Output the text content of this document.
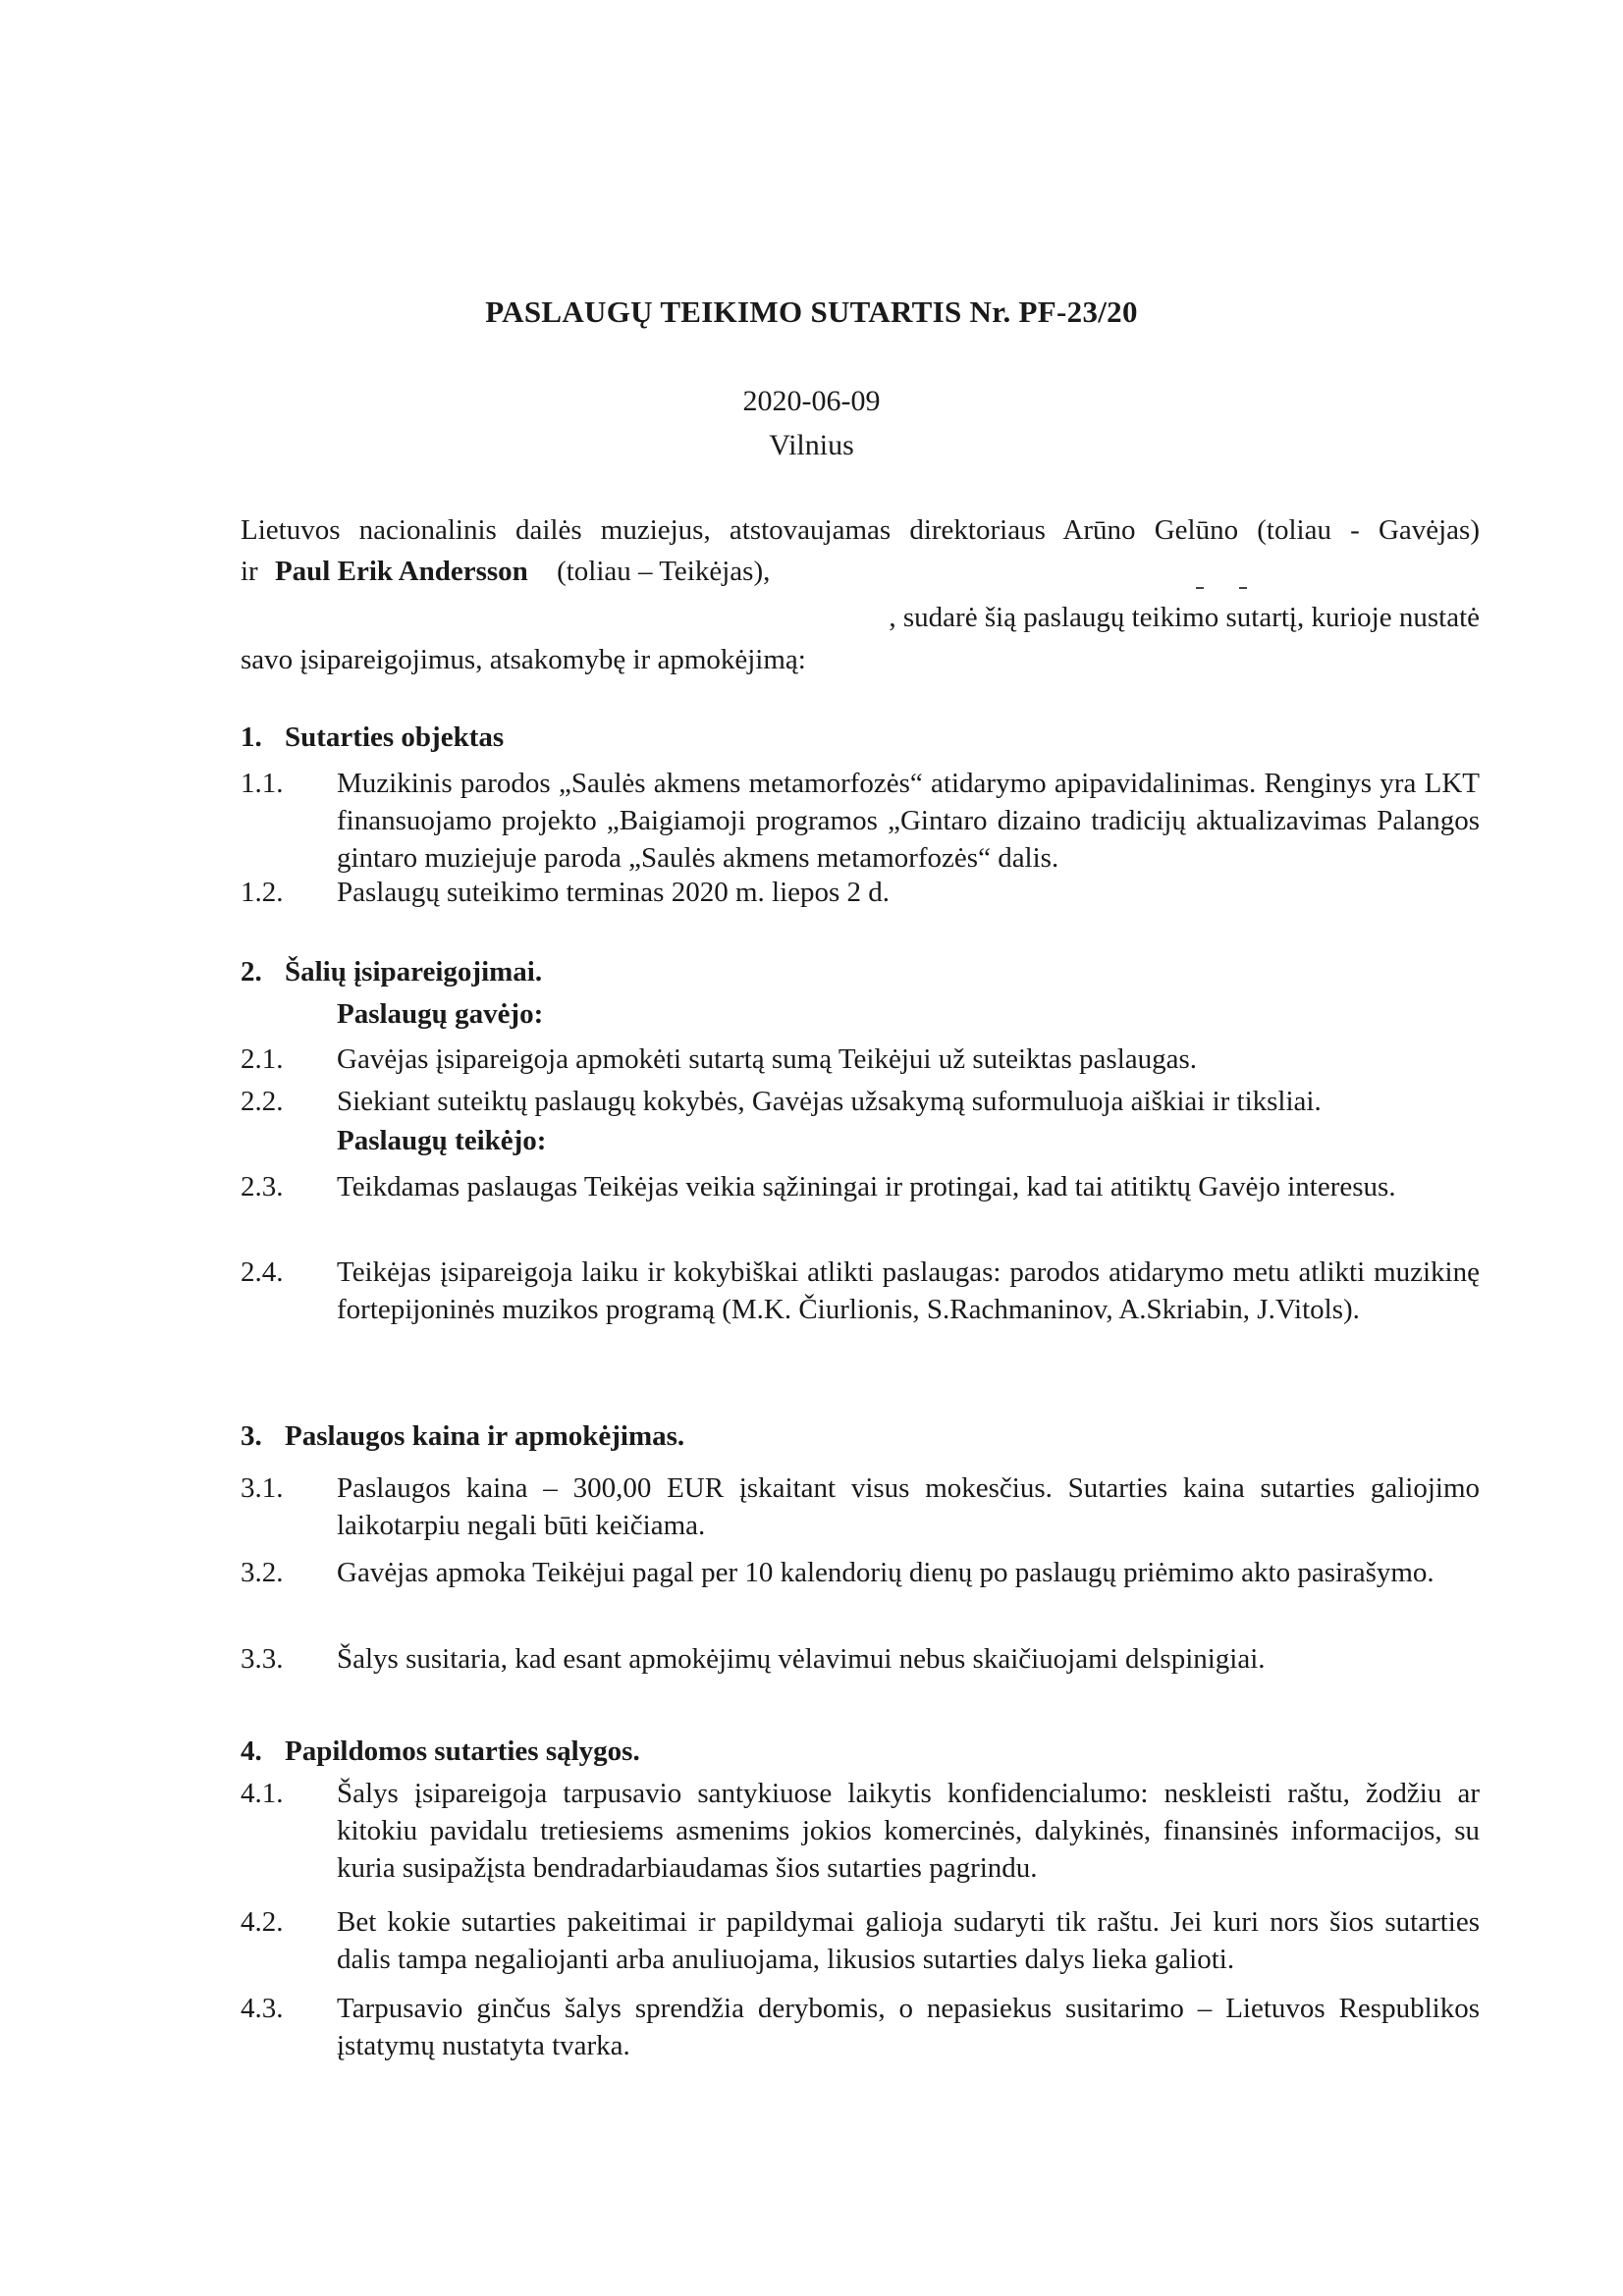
PASLAUGŲ TEIKIMO SUTARTIS Nr. PF-23/20
2020-06-09
Vilnius
Lietuvos nacionalinis dailės muziejus, atstovaujamas direktoriaus Arūno Gelūno (toliau - Gavėjas)
ir Paul Erik Andersson (toliau – Teikėjas),
, sudarė šią paslaugų teikimo sutartį, kurioje nustatė
savo įsipareigojimus, atsakomybę ir apmokėjimą:
1. Sutarties objektas
1.1. Muzikinis parodos „Saulės akmens metamorfozės“ atidarymo apipavidalinimas. Renginys yra LKT finansuojamo projekto „Baigiamoji programos „Gintaro dizaino tradicijų aktualizavimas Palangos gintaro muziejuje paroda „Saulės akmens metamorfozės“ dalis.
1.2. Paslaugų suteikimo terminas 2020 m. liepos 2 d.
2. Šalių įsipareigojimai.
Paslaugų gavėjo:
2.1. Gavėjas įsipareigoja apmokėti sutartą sumą Teikėjui už suteiktas paslaugas.
2.2. Siekiant suteiktų paslaugų kokybės, Gavėjas užsakymą suformuluoja aiškiai ir tiksliai.
Paslaugų teikėjo:
2.3. Teikdamas paslaugas Teikėjas veikia sąžiningai ir protingai, kad tai atitiktų Gavėjo interesus.
2.4. Teikėjas įsipareigoja laiku ir kokybiškai atlikti paslaugas: parodos atidarymo metu atlikti muzikinę fortepijoninės muzikos programą (M.K. Čiurlionis, S.Rachmaninov, A.Skriabin, J.Vitols).
3. Paslaugos kaina ir apmokėjimas.
3.1. Paslaugos kaina – 300,00 EUR įskaitant visus mokesčius. Sutarties kaina sutarties galiojimo laikotarpiu negali būti keičiama.
3.2. Gavėjas apmoka Teikėjui pagal per 10 kalendorių dienų po paslaugų priėmimo akto pasirašymo.
3.3. Šalys susitaria, kad esant apmokėjimų vėlavimui nebus skaičiuojami delspinigiai.
4. Papildomos sutarties sąlygos.
4.1. Šalys įsipareigoja tarpusavio santykiuose laikytis konfidencialumo: neskleisti raštu, žodžiu ar kitokiu pavidalu tretiesiems asmenims jokios komercinės, dalykinės, finansinės informacijos, su kuria susipažįsta bendradarbiaudamas šios sutarties pagrindu.
4.2. Bet kokie sutarties pakeitimai ir papildymai galioja sudaryti tik raštu. Jei kuri nors šios sutarties dalis tampa negaliojanti arba anuliuojama, likusios sutarties dalys lieka galioti.
4.3. Tarpusavio ginčus šalys sprendžia derybomis, o nepasiekus susitarimo – Lietuvos Respublikos įstatymų nustatyta tvarka.
